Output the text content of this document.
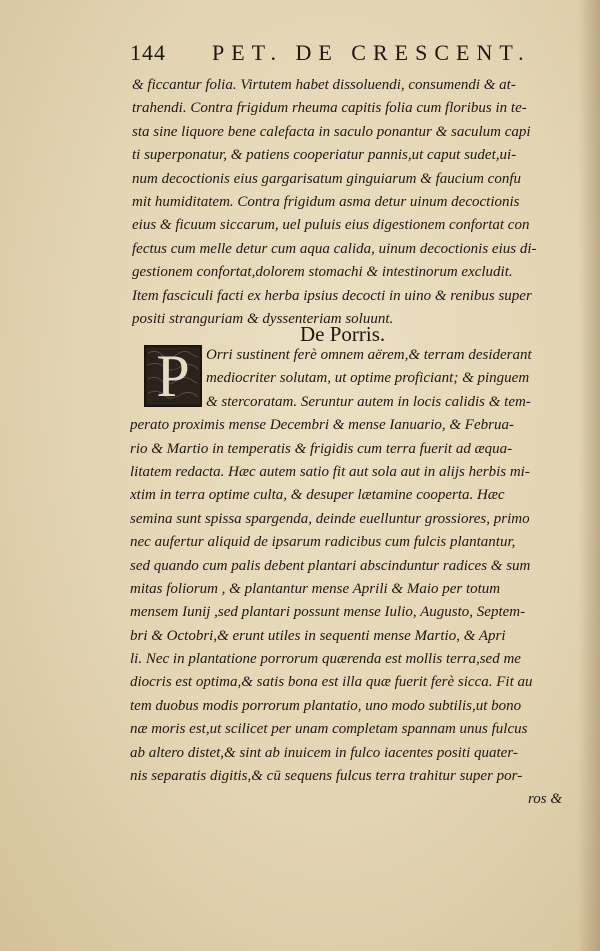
144 PET. DE CRESCENT.
& ficcantur folia. Virtutem habet dissoluendi, consumendi & at-
trahendi. Contra frigidum rheuma capitis folia cum floribus in te-
sta sine liquore bene calefacta in saculo ponantur & saculum capi
ti superponatur, & patiens cooperiatur pannis,ut caput sudet,ui-
num decoctionis eius gargarisatum ginguiarum & faucium confu
mit humiditatem. Contra frigidum asma detur uinum decoctionis
eius & ficuum siccarum, uel puluis eius digestionem confortat con
fectus cum melle detur cum aqua calida, uinum decoctionis eius di-
gestionem confortat,dolorem stomachi & intestinorum excludit.
Item fasciculi facti ex herba ipsius decocti in uino & renibus super
positi stranguriam & dyssenteriam soluunt.
De Porris.
P	Orri sustinent ferè omnem aërem,& terram desiderant
mediocriter solutam, ut optime proficiant; & pinguem
& stercoratam. Seruntur autem in locis calidis & tem-
perato proximis mense Decembri & mense Ianuario, & Februa-
rio & Martio in temperatis & frigidis cum terra fuerit ad æqua-
litatem redacta. Hæc autem satio fit aut sola aut in alijs herbis mi-
xtim in terra optime culta, & desuper lætamine cooperta. Hæc
semina sunt spissa spargenda, deinde euelluntur grossiores, primo
nec aufertur aliquid de ipsarum radicibus cum fulcis plantantur,
sed quando cum palis debent plantari abscinduntur radices & sum
mitas foliorum , & plantantur mense Aprili & Maio per totum
mensem Iunij ,sed plantari possunt mense Iulio, Augusto, Septem-
bri & Octobri,& erunt utiles in sequenti mense Martio, & Apri
li. Nec in plantatione porrorum quærenda est mollis terra,sed me
diocris est optima,& satis bona est illa quæ fuerit ferè sicca. Fit au
tem duobus modis porrorum plantatio, uno modo subtilis,ut bono
næ moris est,ut scilicet per unam completam spannam unus fulcus
ab altero distet,& sint ab inuicem in fulco iacentes positi quater-
nis separatis digitis,& cū sequens fulcus terra trahitur super por-
ros &
